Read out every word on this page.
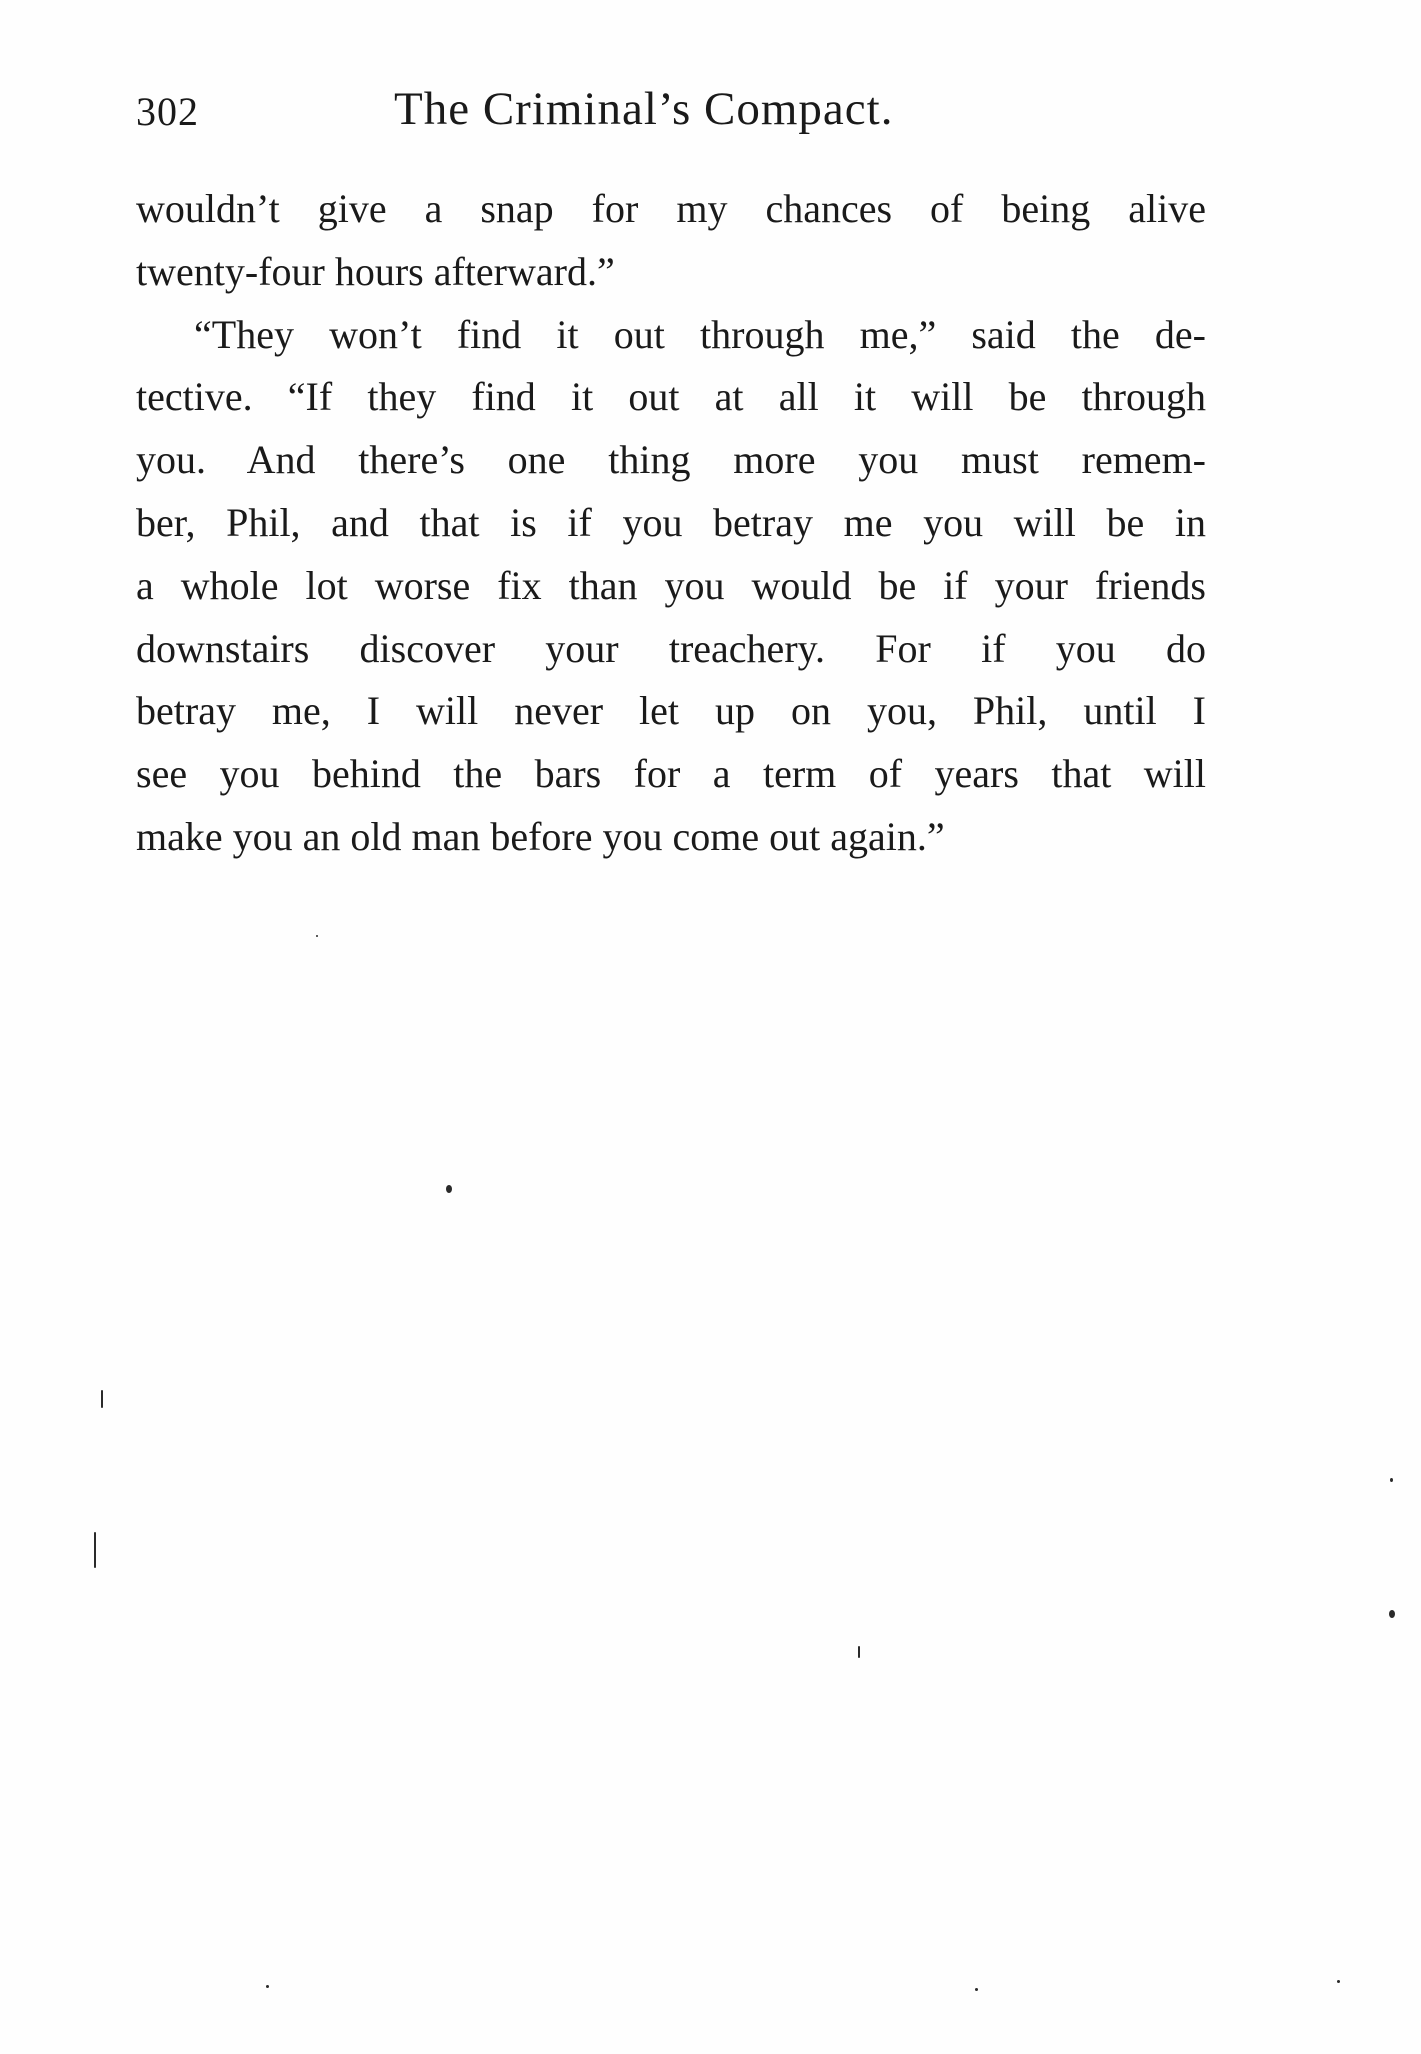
302	The Criminal’s Compact.
wouldn’t give a snap for my chances of being alive
twenty-four hours afterward.”
“They won’t find it out through me,” said the de-
tective. “If they find it out at all it will be through
you. And there’s one thing more you must remem-
ber, Phil, and that is if you betray me you will be in
a whole lot worse fix than you would be if your friends
downstairs discover your treachery. For if you do
betray me, I will never let up on you, Phil, until I
see you behind the bars for a term of years that will
make you an old man before you come out again.”
